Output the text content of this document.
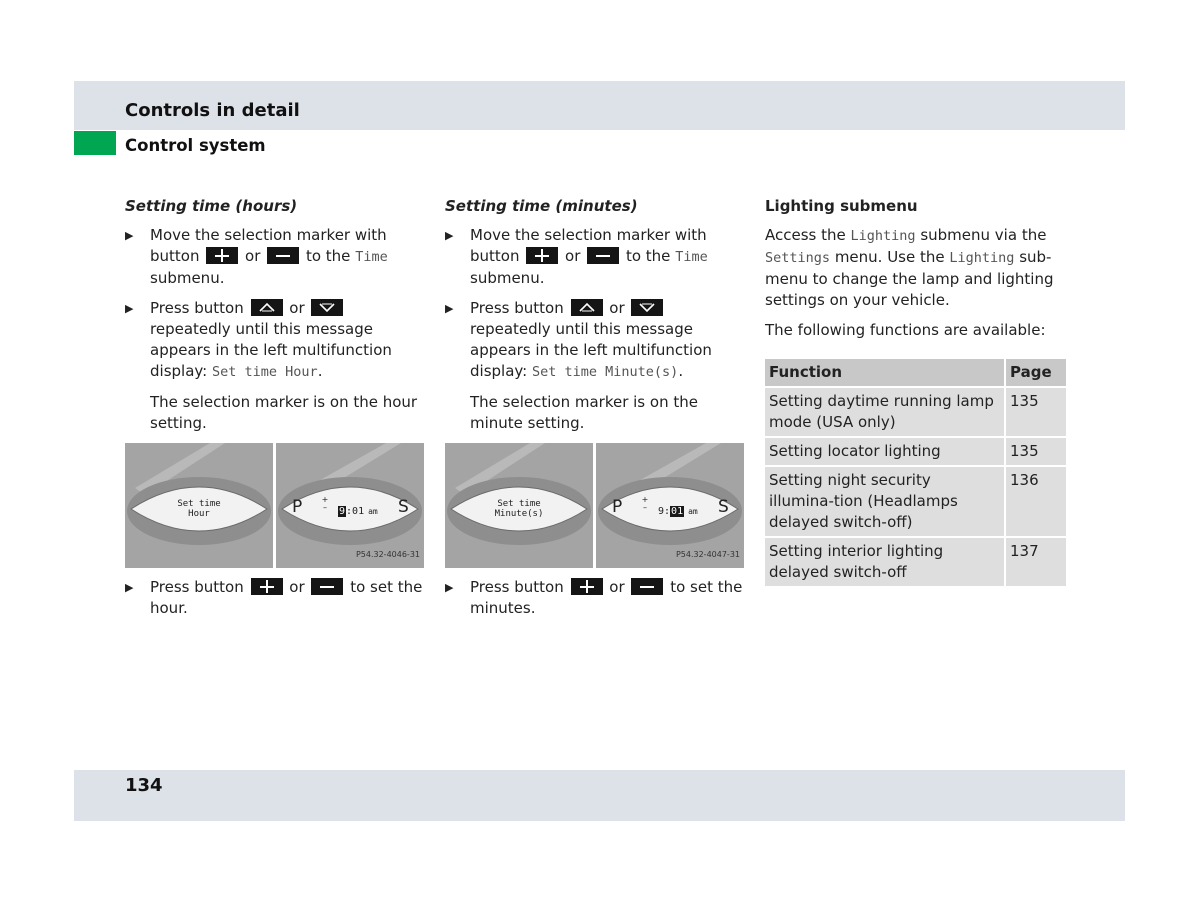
Controls in detail
Control system

Setting time (hours)

▶ Move the selection marker with button	or	to the Time submenu.
▶ Press button	or
repeatedly until this message appears in the left multifunction display: Set time Hour.

The selection marker is on the hour setting.

Set time
Hour	P +
–	9:01 am S
P54.32-4046-31
▶ Press button	or	to set the hour.

Setting time (minutes)

▶ Move the selection marker with button	or	to the Time submenu.
▶ Press button	or
repeatedly until this message appears in the left multifunction display: Set time Minute(s).

The selection marker is on the minute setting.

Set time
Minute(s)	P +
–	9:01 am S
P54.32-4047-31
▶ Press button	or	to set the minutes.

Lighting submenu

Access the Lighting submenu via the Settings menu. Use the Lighting sub-menu to change the lamp and lighting settings on your vehicle.

The following functions are available:

Function	Page
Setting daytime running lamp mode (USA only)	135
Setting locator lighting	135
Setting night security illumina-tion (Headlamps delayed switch-off)	136
Setting interior lighting delayed switch-off	137
134
